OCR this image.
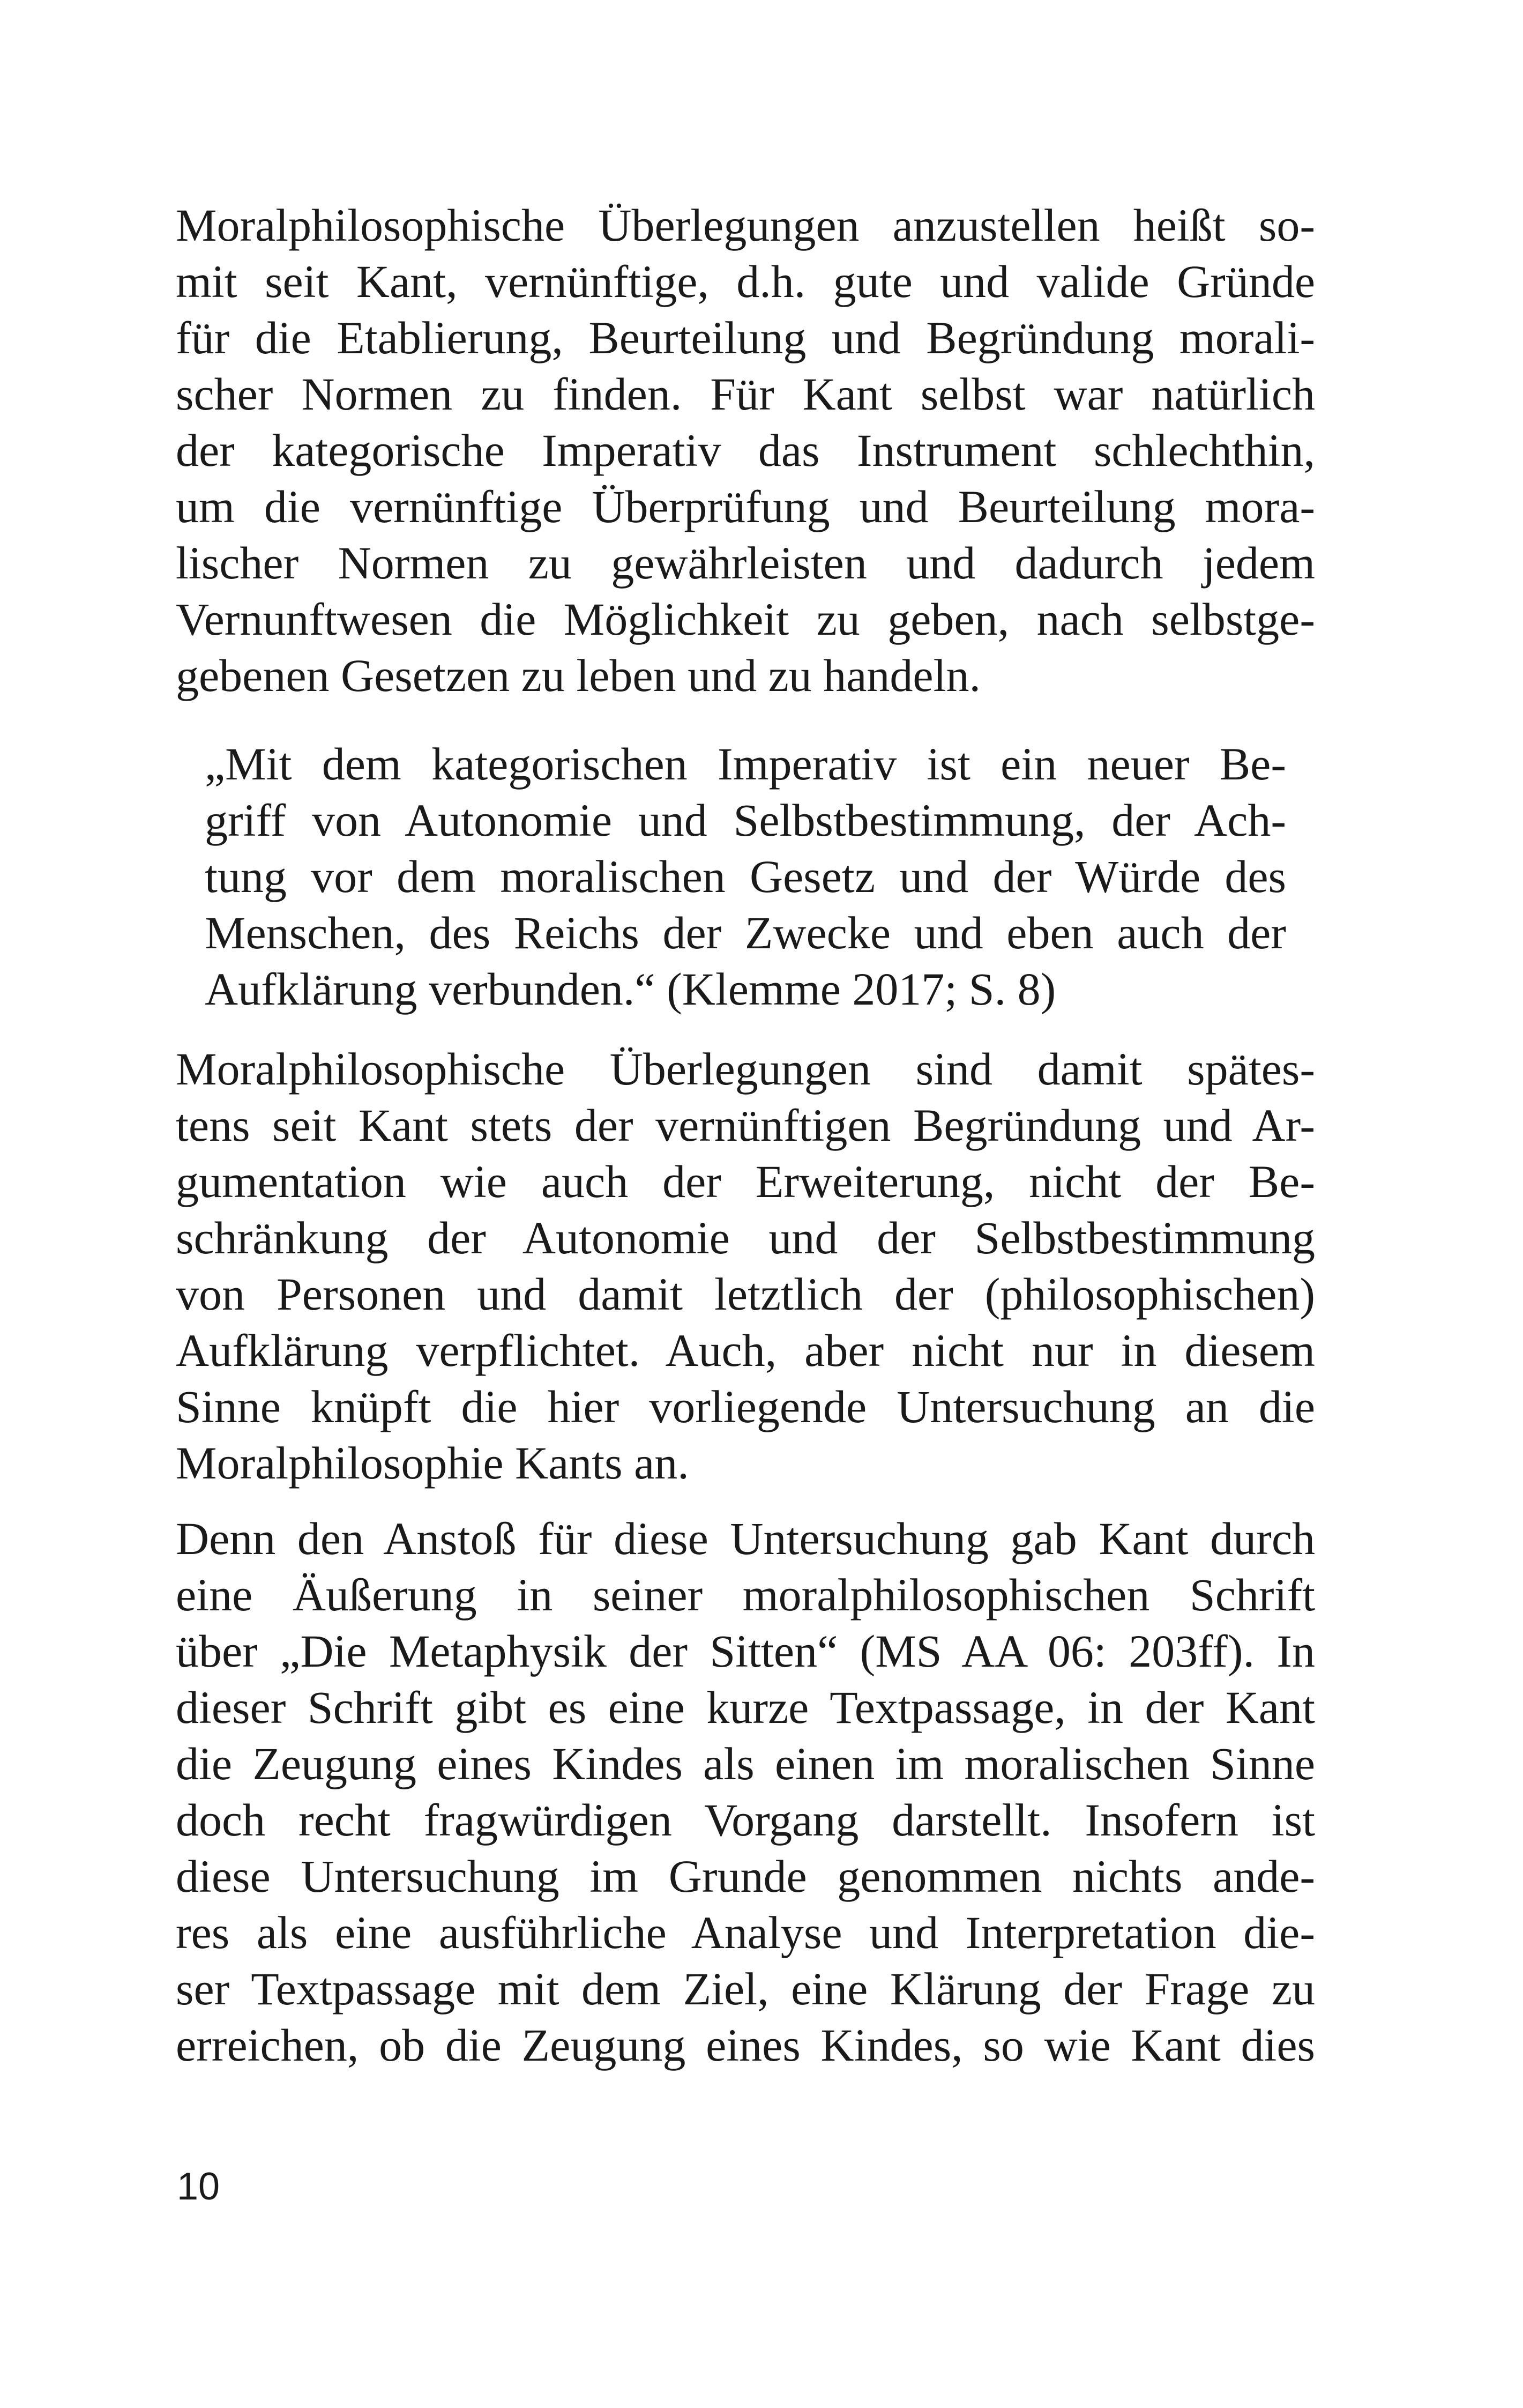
Moralphilosophische Überlegungen anzustellen heißt so-
mit seit Kant, vernünftige, d.h. gute und valide Gründe
für die Etablierung, Beurteilung und Begründung morali-
scher Normen zu finden. Für Kant selbst war natürlich
der kategorische Imperativ das Instrument schlechthin,
um die vernünftige Überprüfung und Beurteilung mora-
lischer Normen zu gewährleisten und dadurch jedem
Vernunftwesen die Möglichkeit zu geben, nach selbstge-
gebenen Gesetzen zu leben und zu handeln.
„Mit dem kategorischen Imperativ ist ein neuer Be-
griff von Autonomie und Selbstbestimmung, der Ach-
tung vor dem moralischen Gesetz und der Würde des
Menschen, des Reichs der Zwecke und eben auch der
Aufklärung verbunden.“ (Klemme 2017; S. 8)
Moralphilosophische Überlegungen sind damit spätes-
tens seit Kant stets der vernünftigen Begründung und Ar-
gumentation wie auch der Erweiterung, nicht der Be-
schränkung der Autonomie und der Selbstbestimmung
von Personen und damit letztlich der (philosophischen)
Aufklärung verpflichtet. Auch, aber nicht nur in diesem
Sinne knüpft die hier vorliegende Untersuchung an die
Moralphilosophie Kants an.
Denn den Anstoß für diese Untersuchung gab Kant durch
eine Äußerung in seiner moralphilosophischen Schrift
über „Die Metaphysik der Sitten“ (MS AA 06: 203ff). In
dieser Schrift gibt es eine kurze Textpassage, in der Kant
die Zeugung eines Kindes als einen im moralischen Sinne
doch recht fragwürdigen Vorgang darstellt. Insofern ist
diese Untersuchung im Grunde genommen nichts ande-
res als eine ausführliche Analyse und Interpretation die-
ser Textpassage mit dem Ziel, eine Klärung der Frage zu
erreichen, ob die Zeugung eines Kindes, so wie Kant dies
10
